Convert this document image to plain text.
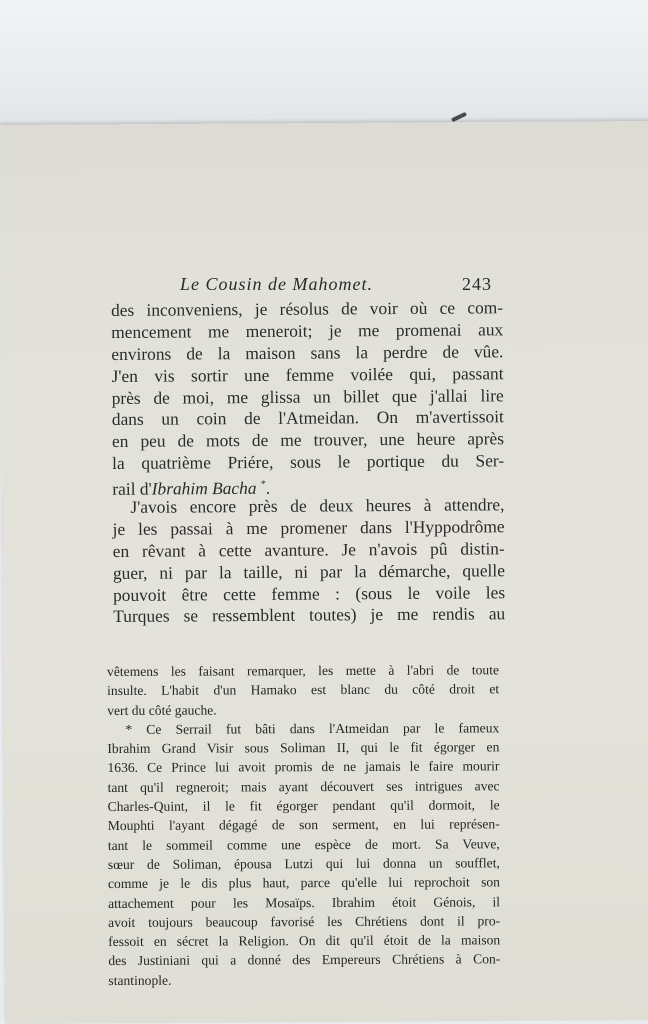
Le Cousin de Mahomet.	243
des inconveniens, je résolus de voir où ce com-
mencement me meneroit; je me promenai aux
environs de la maison sans la perdre de vûe.
J'en vis sortir une femme voilée qui, passant
près de moi, me glissa un billet que j'allai lire
dans un coin de l'Atmeidan. On m'avertissoit
en peu de mots de me trouver, une heure après
la quatrième Priére, sous le portique du Ser-
rail d'Ibrahim Bacha *.
J'avois encore près de deux heures à attendre,
je les passai à me promener dans l'Hyppodrôme
en rêvant à cette avanture. Je n'avois pû distin-
guer, ni par la taille, ni par la démarche, quelle
pouvoit être cette femme : (sous le voile les
Turques se ressemblent toutes) je me rendis au
vêtemens les faisant remarquer, les mette à l'abri de toute
insulte. L'habit d'un Hamako est blanc du côté droit et
vert du côté gauche.
* Ce Serrail fut bâti dans l'Atmeidan par le fameux
Ibrahim Grand Visir sous Soliman II, qui le fit égorger en
1636. Ce Prince lui avoit promis de ne jamais le faire mourir
tant qu'il regneroit; mais ayant découvert ses intrigues avec
Charles-Quint, il le fit égorger pendant qu'il dormoit, le
Mouphti l'ayant dégagé de son serment, en lui représen-
tant le sommeil comme une espèce de mort. Sa Veuve,
sœur de Soliman, épousa Lutzi qui lui donna un soufflet,
comme je le dis plus haut, parce qu'elle lui reprochoit son
attachement pour les Mosaïps. Ibrahim étoit Génois, il
avoit toujours beaucoup favorisé les Chrétiens dont il pro-
fessoit en sécret la Religion. On dit qu'il étoit de la maison
des Justiniani qui a donné des Empereurs Chrétiens à Con-
stantinople.
